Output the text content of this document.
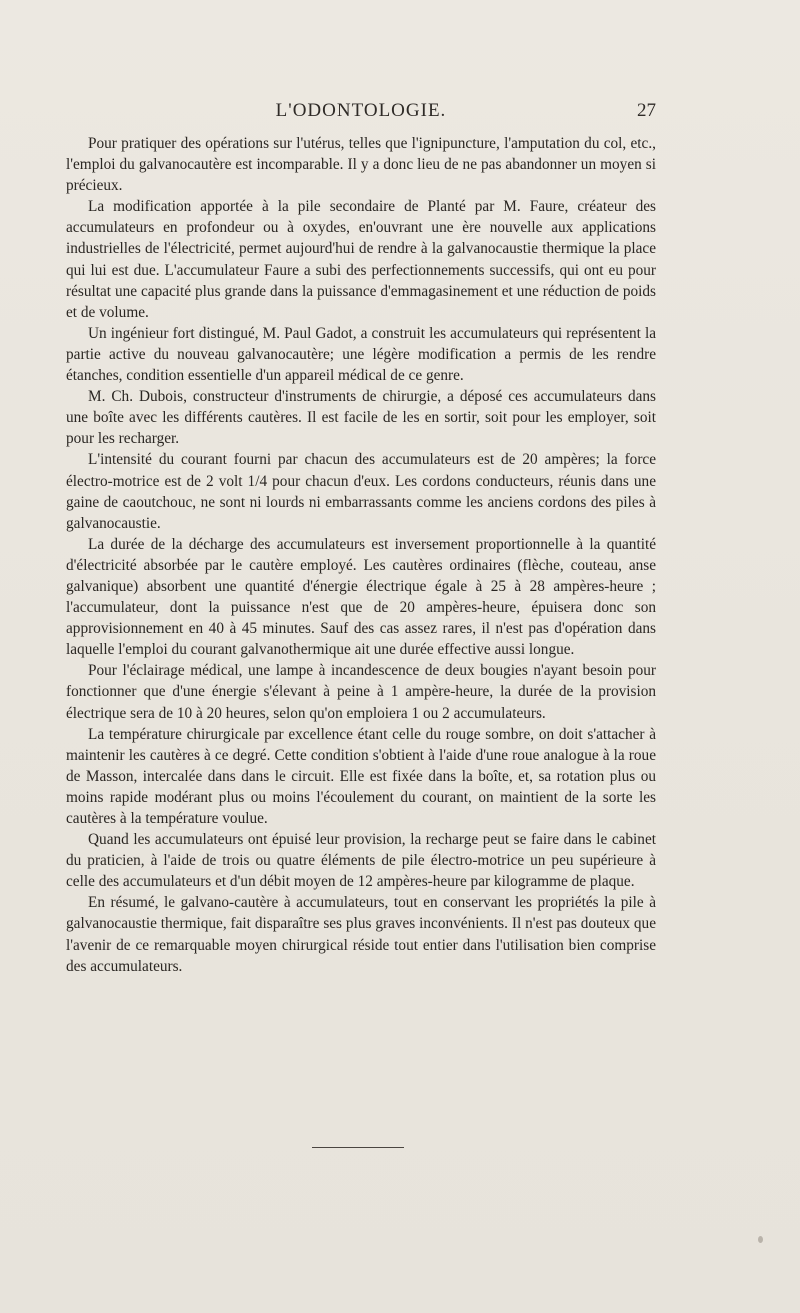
L'ODONTOLOGIE.	27

Pour pratiquer des opérations sur l'utérus, telles que l'ignipuncture, l'amputation du col, etc., l'emploi du galvanocautère est incomparable. Il y a donc lieu de ne pas abandonner un moyen si précieux.

La modification apportée à la pile secondaire de Planté par M. Faure, créateur des accumulateurs en profondeur ou à oxydes, en'ouvrant une ère nouvelle aux applications industrielles de l'électricité, permet aujourd'hui de rendre à la galvanocaustie thermique la place qui lui est due. L'accumulateur Faure a subi des perfectionnements successifs, qui ont eu pour résultat une capacité plus grande dans la puissance d'emmagasinement et une réduction de poids et de volume.

Un ingénieur fort distingué, M. Paul Gadot, a construit les accumulateurs qui représentent la partie active du nouveau galvanocautère; une légère modification a permis de les rendre étanches, condition essentielle d'un appareil médical de ce genre.

M. Ch. Dubois, constructeur d'instruments de chirurgie, a déposé ces accumulateurs dans une boîte avec les différents cautères. Il est facile de les en sortir, soit pour les employer, soit pour les recharger.

L'intensité du courant fourni par chacun des accumulateurs est de 20 ampères; la force électro-motrice est de 2 volt 1/4 pour chacun d'eux. Les cordons conducteurs, réunis dans une gaine de caoutchouc, ne sont ni lourds ni embarrassants comme les anciens cordons des piles à galvanocaustie.

La durée de la décharge des accumulateurs est inversement proportionnelle à la quantité d'électricité absorbée par le cautère employé. Les cautères ordinaires (flèche, couteau, anse galvanique) absorbent une quantité d'énergie électrique égale à 25 à 28 ampères-heure ; l'accumulateur, dont la puissance n'est que de 20 ampères-heure, épuisera donc son approvisionnement en 40 à 45 minutes. Sauf des cas assez rares, il n'est pas d'opération dans laquelle l'emploi du courant galvanothermique ait une durée effective aussi longue.

Pour l'éclairage médical, une lampe à incandescence de deux bougies n'ayant besoin pour fonctionner que d'une énergie s'élevant à peine à 1 ampère-heure, la durée de la provision électrique sera de 10 à 20 heures, selon qu'on emploiera 1 ou 2 accumulateurs.

La température chirurgicale par excellence étant celle du rouge sombre, on doit s'attacher à maintenir les cautères à ce degré. Cette condition s'obtient à l'aide d'une roue analogue à la roue de Masson, intercalée dans dans le circuit. Elle est fixée dans la boîte, et, sa rotation plus ou moins rapide modérant plus ou moins l'écoulement du courant, on maintient de la sorte les cautères à la température voulue.

Quand les accumulateurs ont épuisé leur provision, la recharge peut se faire dans le cabinet du praticien, à l'aide de trois ou quatre éléments de pile électro-motrice un peu supérieure à celle des accumulateurs et d'un débit moyen de 12 ampères-heure par kilogramme de plaque.

En résumé, le galvano-cautère à accumulateurs, tout en conservant les propriétés la pile à galvanocaustie thermique, fait disparaître ses plus graves inconvénients. Il n'est pas douteux que l'avenir de ce remarquable moyen chirurgical réside tout entier dans l'utilisation bien comprise des accumulateurs.
